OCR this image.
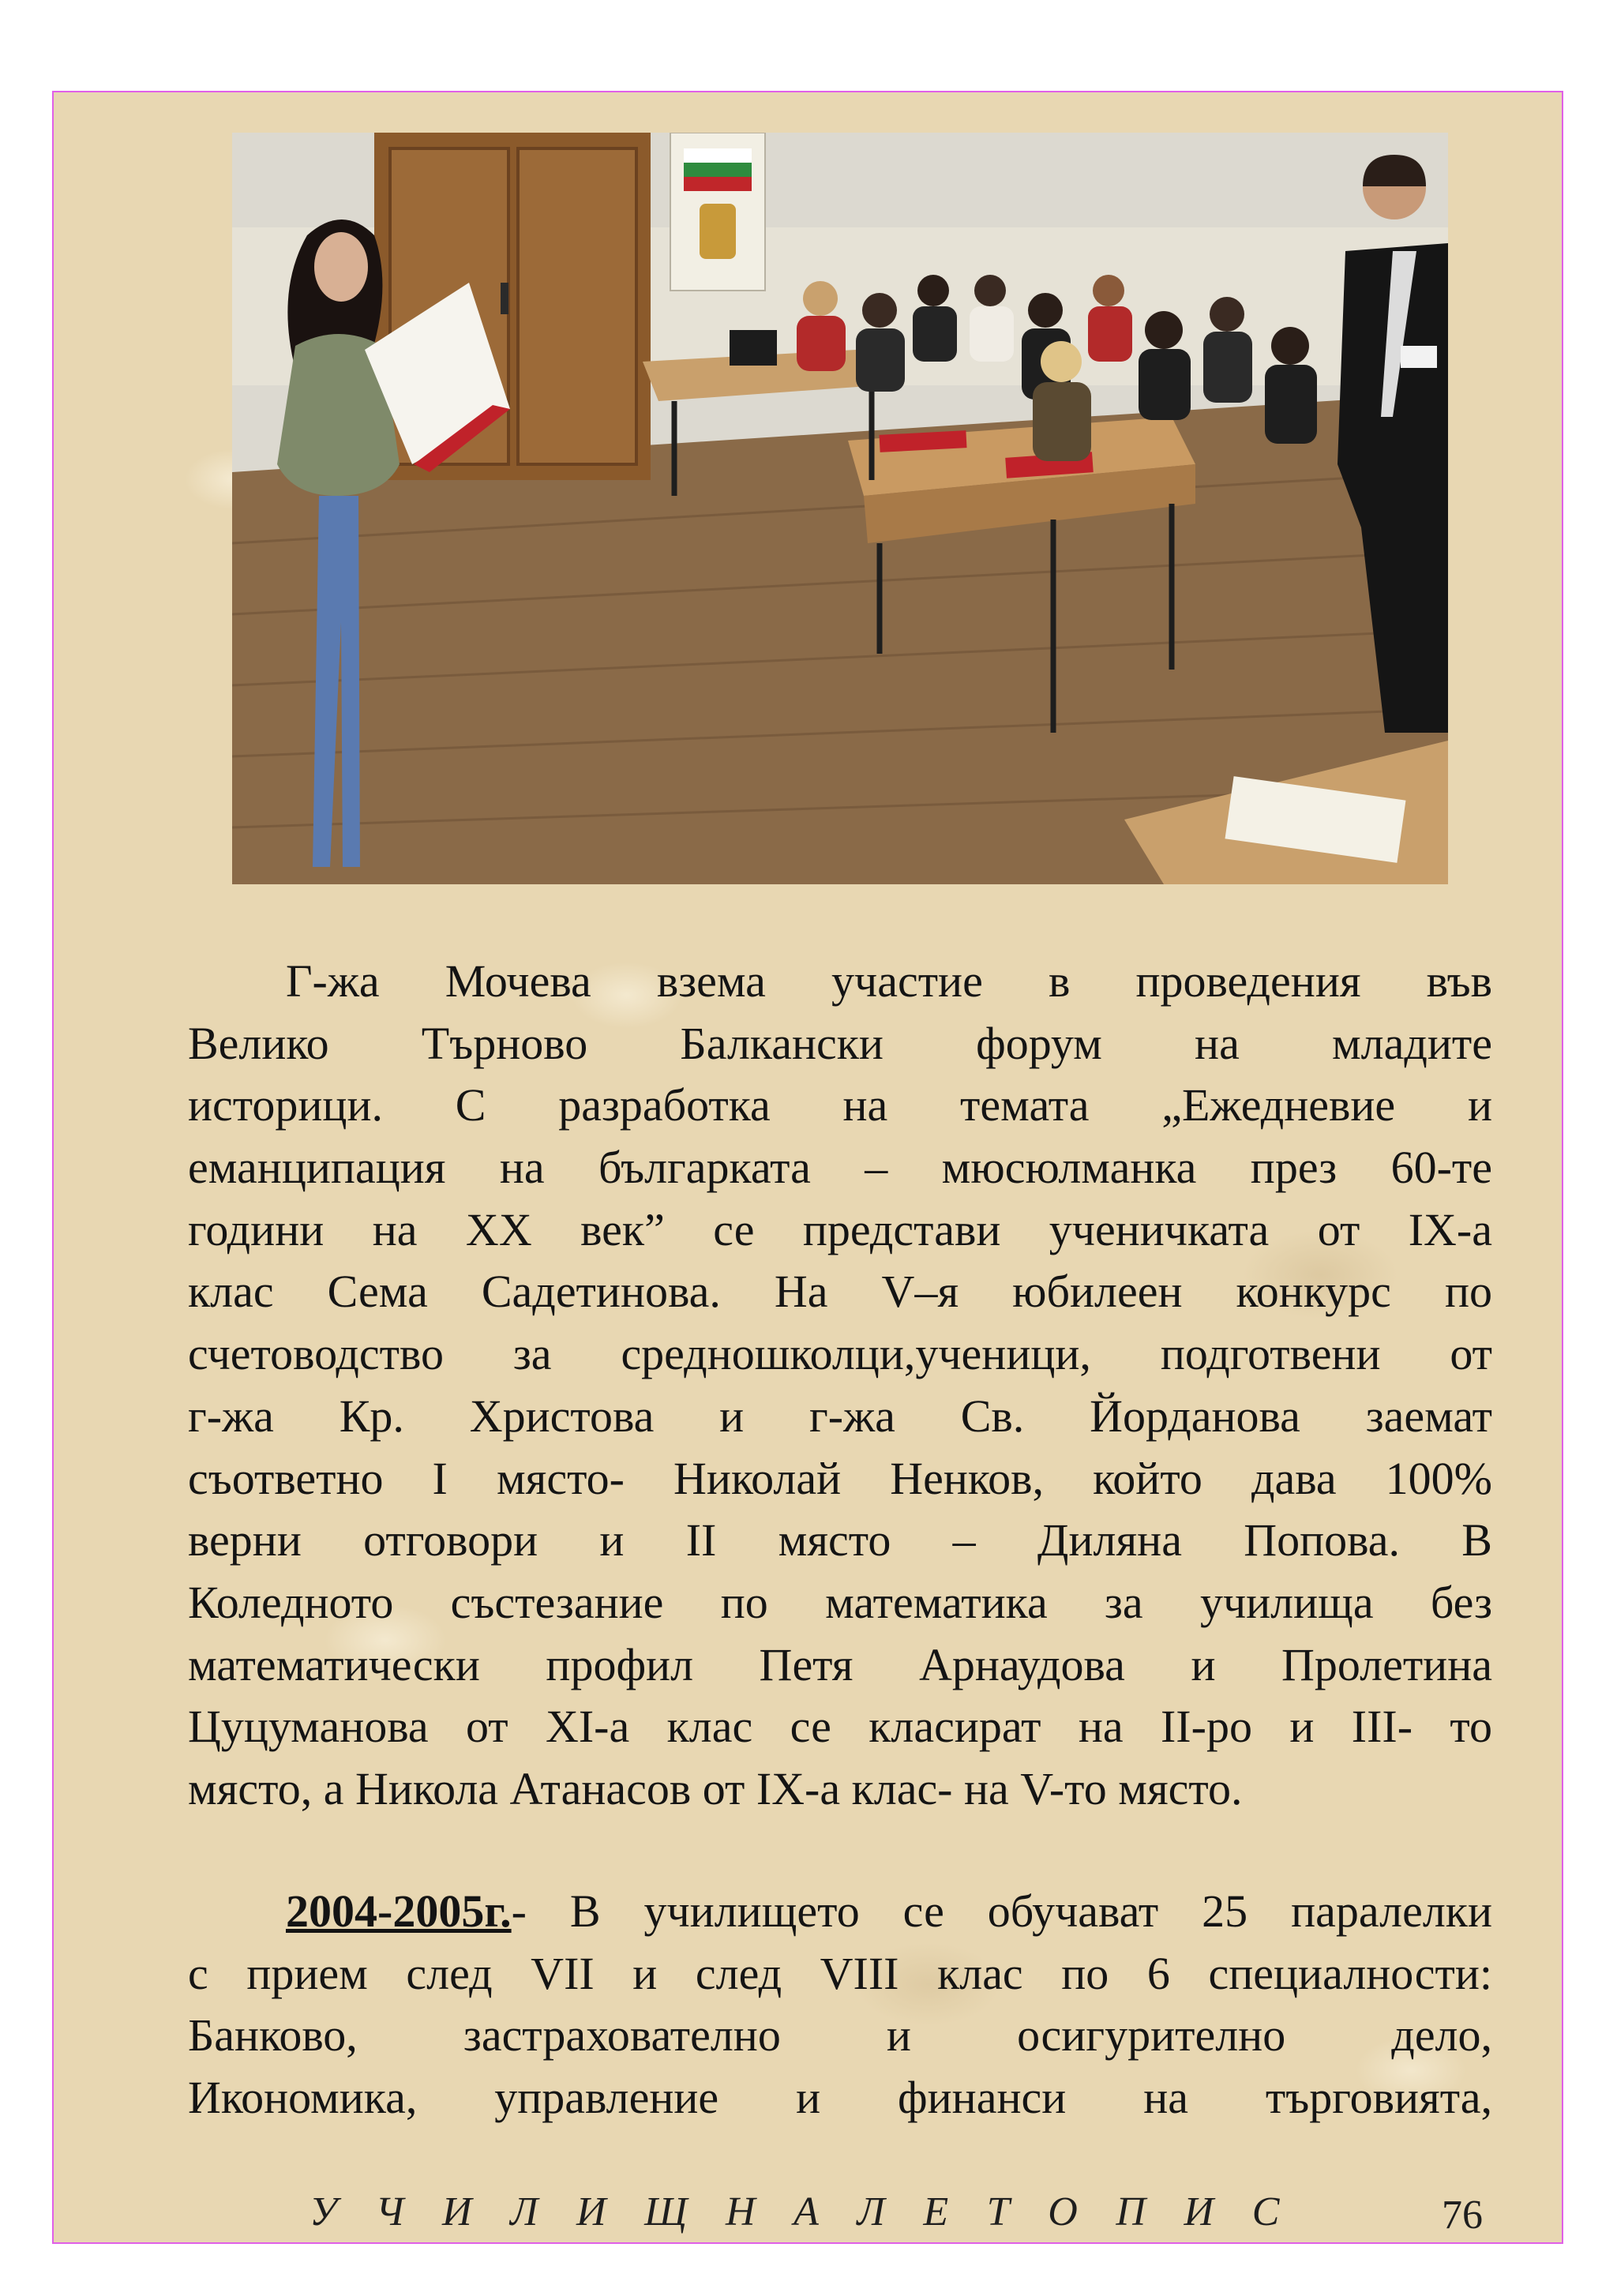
Г-жа Мочева взема участие в проведения във
Велико Търново Балкански форум на младите
историци. С разработка на темата „Ежедневие и
еманципация на българката – мюсюлманка през 60-те
години на ХХ век” се представи ученичката от ІХ-а
клас Сема Садетинова. На V–я юбилеен конкурс по
счетоводство за средношколци,ученици, подготвени от
г-жа Кр. Христова и г-жа Св. Йорданова заемат
съответно I място- Николай Ненков, който дава 100%
верни отговори и II място – Диляна Попова. В
Коледното състезание по математика за училища без
математически профил Петя Арнаудова и Пролетина
Цуцуманова от XI-а клас се класират на II-ро и III- то
място, а Никола Атанасов от IX-а клас- на V-то място.
2004-2005г.- В училището се обучават 25 паралелки
с прием след VII и след VIII клас по 6 специалности:
Банково, застрахователно и осигурително дело,
Икономика, управление и финанси на търговията,
У Ч И Л И Щ Н А Л Е Т О П И С	76
